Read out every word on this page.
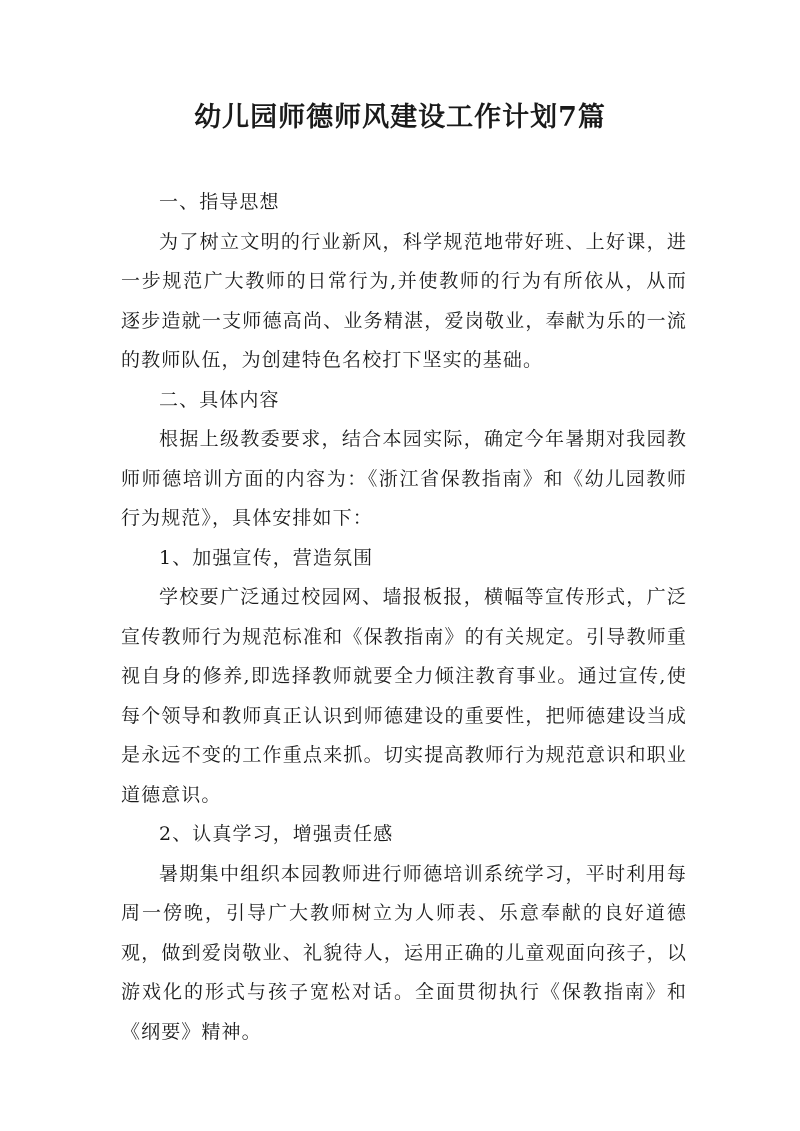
幼儿园师德师风建设工作计划7篇

一、指导思想

为了树立文明的行业新风，科学规范地带好班、上好课，进一步规范广大教师的日常行为,并使教师的行为有所依从，从而逐步造就一支师德高尚、业务精湛，爱岗敬业，奉献为乐的一流的教师队伍，为创建特色名校打下坚实的基础。

二、具体内容

根据上级教委要求，结合本园实际，确定今年暑期对我园教师师德培训方面的内容为：《浙江省保教指南》和《幼儿园教师行为规范》，具体安排如下：

1、加强宣传，营造氛围

学校要广泛通过校园网、墙报板报，横幅等宣传形式，广泛宣传教师行为规范标准和《保教指南》的有关规定。引导教师重视自身的修养,即选择教师就要全力倾注教育事业。通过宣传,使每个领导和教师真正认识到师德建设的重要性，把师德建设当成是永远不变的工作重点来抓。切实提高教师行为规范意识和职业道德意识。

2、认真学习，增强责任感

暑期集中组织本园教师进行师德培训系统学习，平时利用每周一傍晚，引导广大教师树立为人师表、乐意奉献的良好道德观，做到爱岗敬业、礼貌待人，运用正确的儿童观面向孩子，以游戏化的形式与孩子宽松对话。全面贯彻执行《保教指南》和《纲要》精神。
